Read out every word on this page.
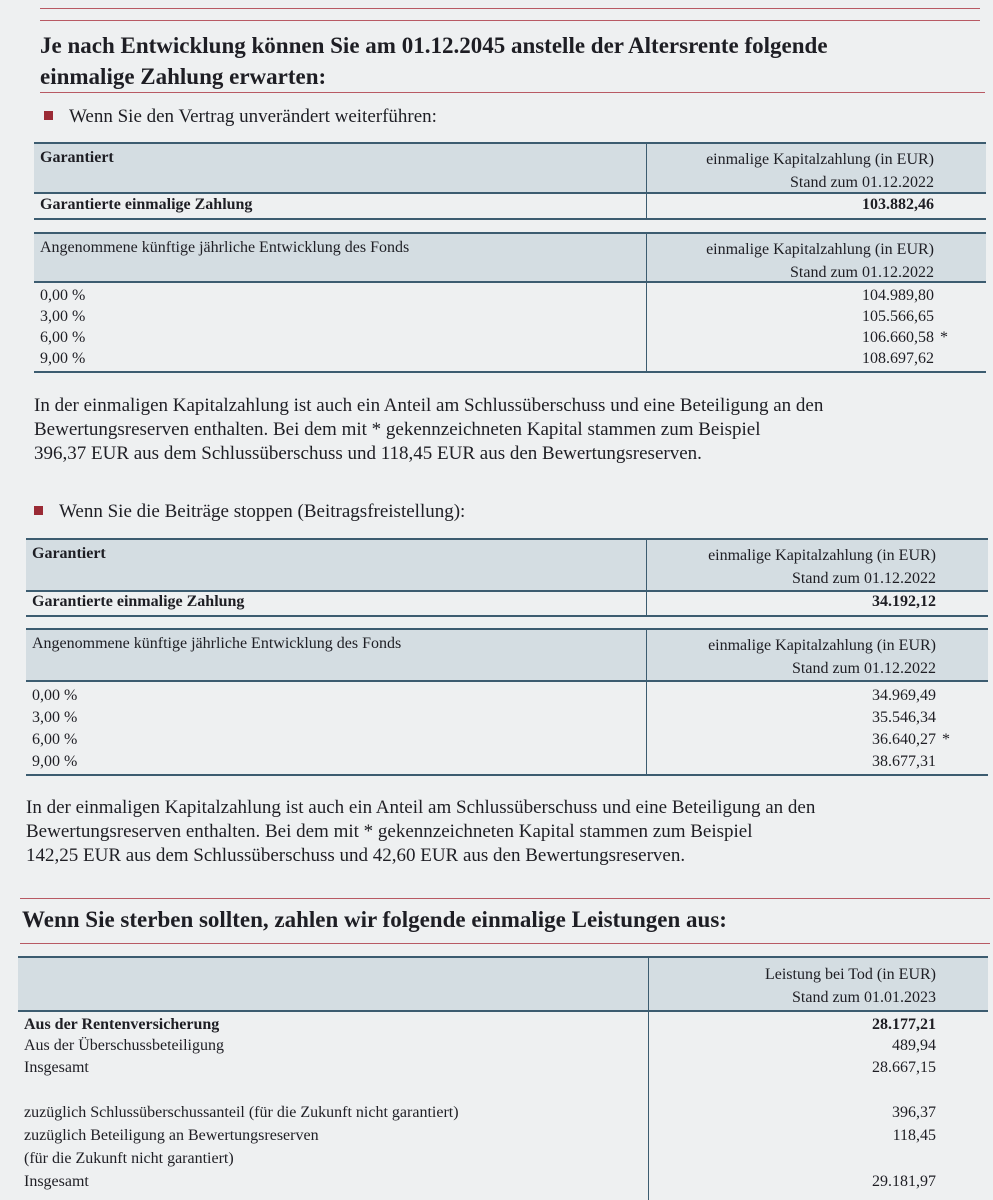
Je nach Entwicklung können Sie am 01.12.2045 anstelle der Altersrente folgende
einmalige Zahlung erwarten:
Wenn Sie den Vertrag unverändert weiterführen:
Garantiert	einmalige Kapitalzahlung (in EUR)
Stand zum 01.12.2022
Garantierte einmalige Zahlung	103.882,46
Angenommene künftige jährliche Entwicklung des Fonds	einmalige Kapitalzahlung (in EUR)
Stand zum 01.12.2022
0,00 %	104.989,80
3,00 %	105.566,65
6,00 %	106.660,58 *
9,00 %	108.697,62
In der einmaligen Kapitalzahlung ist auch ein Anteil am Schlussüberschuss und eine Beteiligung an den
Bewertungsreserven enthalten. Bei dem mit * gekennzeichneten Kapital stammen zum Beispiel
396,37 EUR aus dem Schlussüberschuss und 118,45 EUR aus den Bewertungsreserven.
Wenn Sie die Beiträge stoppen (Beitragsfreistellung):
Garantiert	einmalige Kapitalzahlung (in EUR)
Stand zum 01.12.2022
Garantierte einmalige Zahlung	34.192,12
Angenommene künftige jährliche Entwicklung des Fonds	einmalige Kapitalzahlung (in EUR)
Stand zum 01.12.2022
0,00 %	34.969,49
3,00 %	35.546,34
6,00 %	36.640,27 *
9,00 %	38.677,31
In der einmaligen Kapitalzahlung ist auch ein Anteil am Schlussüberschuss und eine Beteiligung an den
Bewertungsreserven enthalten. Bei dem mit * gekennzeichneten Kapital stammen zum Beispiel
142,25 EUR aus dem Schlussüberschuss und 42,60 EUR aus den Bewertungsreserven.
Wenn Sie sterben sollten, zahlen wir folgende einmalige Leistungen aus:
Leistung bei Tod (in EUR)
Stand zum 01.01.2023
Aus der Rentenversicherung	28.177,21
Aus der Überschussbeteiligung	489,94
Insgesamt	28.667,15
zuzüglich Schlussüberschussanteil (für die Zukunft nicht garantiert)	396,37
zuzüglich Beteiligung an Bewertungsreserven	118,45
(für die Zukunft nicht garantiert)
Insgesamt	29.181,97
